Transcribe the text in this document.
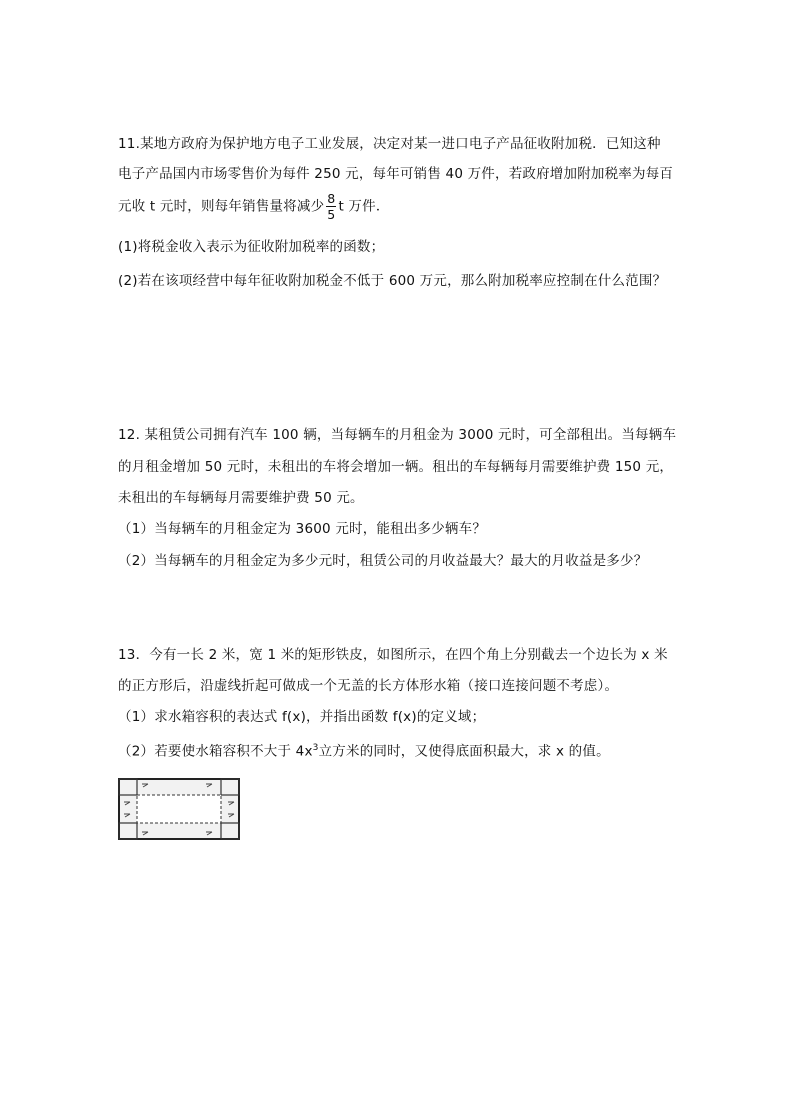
11.某地方政府为保护地方电子工业发展，决定对某一进口电子产品征收附加税．已知这种
电子产品国内市场零售价为每件 250 元，每年可销售 40 万件，若政府增加附加税率为每百
元收 t 元时，则每年销售量将减少 $\frac{8}{5}$ t 万件．
(1)将税金收入表示为征收附加税率的函数；
(2)若在该项经营中每年征收附加税金不低于 600 万元，那么附加税率应控制在什么范围？
12. 某租赁公司拥有汽车 100 辆，当每辆车的月租金为 3000 元时，可全部租出。当每辆车
的月租金增加 50 元时，未租出的车将会增加一辆。租出的车每辆每月需要维护费 150 元，
未租出的车每辆每月需要维护费 50 元。
（1）当每辆车的月租金定为 3600 元时，能租出多少辆车？
（2）当每辆车的月租金定为多少元时，租赁公司的月收益最大？最大的月收益是多少？
13．今有一长 2 米，宽 1 米的矩形铁皮，如图所示，在四个角上分别截去一个边长为 x 米
的正方形后，沿虚线折起可做成一个无盖的长方体形水箱（接口连接问题不考虑）。
（1）求水箱容积的表达式 f(x)，并指出函数 f(x)的定义域；
（2）若要使水箱容积不大于 $4x^3$立方米的同时，又使得底面积最大，求 x 的值。
